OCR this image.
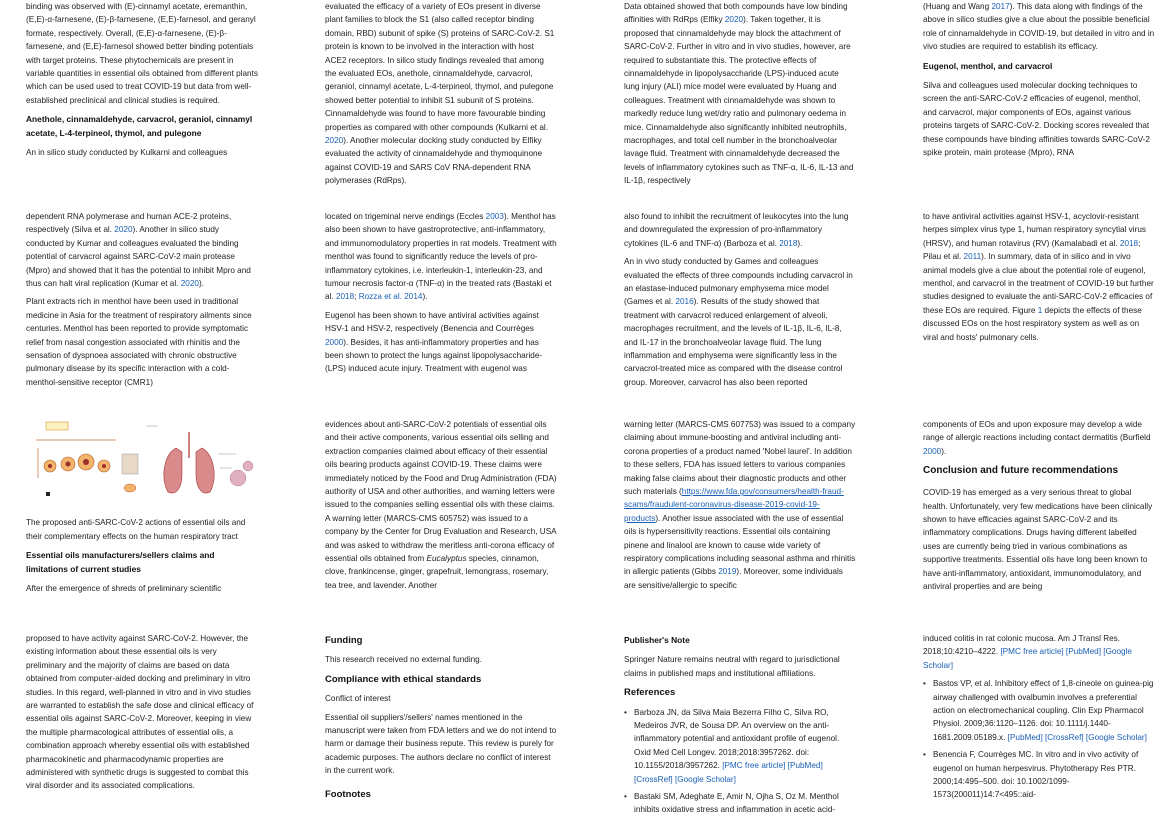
binding was observed with (E)-cinnamyl acetate, eremanthin, (E,E)-α-farnesene, (E)-β-farnesene, (E,E)-farnesol, and geranyl formate, respectively. Overall, (E,E)-α-farnesene, (E)-β-farnesene, and (E,E)-farnesol showed better binding potentials with target proteins. These phytochemicals are present in variable quantities in essential oils obtained from different plants which can be used used to treat COVID-19 but data from well-established preclinical and clinical studies is required.

Anethole, cinnamaldehyde, carvacrol, geraniol, cinnamyl acetate, L-4-terpineol, thymol, and pulegone

An in silico study conducted by Kulkarni and colleagues

evaluated the efficacy of a variety of EOs present in diverse plant families to block the S1 (also called receptor binding domain, RBD) subunit of spike (S) proteins of SARC-CoV-2. S1 protein is known to be involved in the interaction with host ACE2 receptors. In silico study findings revealed that among the evaluated EOs, anethole, cinnamaldehyde, carvacrol, geraniol, cinnamyl acetate, L-4-terpineol, thymol, and pulegone showed better potential to inhibit S1 subunit of S proteins. Cinnamaldehyde was found to have more favourable binding properties as compared with other compounds (Kulkarni et al. 2020). Another molecular docking study conducted by Elfiky evaluated the activity of cinnamaldehyde and thymoquinone against COVID-19 and SARS CoV RNA-dependent RNA polymerases (RdRps).

Data obtained showed that both compounds have low binding affinities with RdRps (Elfiky 2020). Taken together, it is proposed that cinnamaldehyde may block the attachment of SARC-CoV-2. Further in vitro and in vivo studies, however, are required to substantiate this. The protective effects of cinnamaldehyde in lipopolysaccharide (LPS)-induced acute lung injury (ALI) mice model were evaluated by Huang and colleagues. Treatment with cinnamaldehyde was shown to markedly reduce lung wet/dry ratio and pulmonary oedema in mice. Cinnamaldehyde also significantly inhibited neutrophils, macrophages, and total cell number in the bronchoalveolar lavage fluid. Treatment with cinnamaldehyde decreased the levels of inflammatory cytokines such as TNF-α, IL-6, IL-13 and IL-1β, respectively

(Huang and Wang 2017). This data along with findings of the above in silico studies give a clue about the possible beneficial role of cinnamaldehyde in COVID-19, but detailed in vitro and in vivo studies are required to establish its efficacy.

Eugenol, menthol, and carvacrol

Silva and colleagues used molecular docking techniques to screen the anti-SARC-CoV-2 efficacies of eugenol, menthol, and carvacrol, major components of EOs, against various proteins targets of SARC-CoV-2. Docking scores revealed that these compounds have binding affinities towards SARC-CoV-2 spike protein, main protease (Mpro), RNA

dependent RNA polymerase and human ACE-2 proteins, respectively (Silva et al. 2020). Another in silico study conducted by Kumar and colleagues evaluated the binding potential of carvacrol against SARC-CoV-2 main protease (Mpro) and showed that it has the potential to inhibit Mpro and thus can halt viral replication (Kumar et al. 2020).

Plant extracts rich in menthol have been used in traditional medicine in Asia for the treatment of respiratory ailments since centuries. Menthol has been reported to provide symptomatic relief from nasal congestion associated with rhinitis and the sensation of dyspnoea associated with chronic obstructive pulmonary disease by its specific interaction with a cold-menthol-sensitive receptor (CMR1)

located on trigeminal nerve endings (Eccles 2003). Menthol has also been shown to have gastroprotective, anti-inflammatory, and immunomodulatory properties in rat models. Treatment with menthol was found to significantly reduce the levels of pro-inflammatory cytokines, i.e. interleukin-1, interleukin-23, and tumour necrosis factor-α (TNF-α) in the treated rats (Bastaki et al. 2018; Rozza et al. 2014).

Eugenol has been shown to have antiviral activities against HSV-1 and HSV-2, respectively (Benencia and Courrèges 2000). Besides, it has anti-inflammatory properties and has been shown to protect the lungs against lipopolysaccharide-(LPS) induced acute injury. Treatment with eugenol was

also found to inhibit the recruitment of leukocytes into the lung and downregulated the expression of pro-inflammatory cytokines (IL-6 and TNF-α) (Barboza et al. 2018).

An in vivo study conducted by Games and colleagues evaluated the effects of three compounds including carvacrol in an elastase-induced pulmonary emphysema mice model (Games et al. 2016). Results of the study showed that treatment with carvacrol reduced enlargement of alveoli, macrophages recruitment, and the levels of IL-1β, IL-6, IL-8, and IL-17 in the bronchoalveolar lavage fluid. The lung inflammation and emphysema were significantly less in the carvacrol-treated mice as compared with the disease control group. Moreover, carvacrol has also been reported

to have antiviral activities against HSV-1, acyclovir-resistant herpes simplex virus type 1, human respiratory syncytial virus (HRSV), and human rotavirus (RV) (Kamalabadi et al. 2018; Pilau et al. 2011). In summary, data of in silico and in vivo animal models give a clue about the potential role of eugenol, menthol, and carvacrol in the treatment of COVID-19 but further studies designed to evaluate the anti-SARC-CoV-2 efficacies of these EOs are required. Figure 1 depicts the effects of these discussed EOs on the host respiratory system as well as on viral and hosts' pulmonary cells.

The proposed anti-SARC-CoV-2 actions of essential oils and their complementary effects on the human respiratory tract

Essential oils manufacturers/sellers claims and limitations of current studies

After the emergence of shreds of preliminary scientific

evidences about anti-SARC-CoV-2 potentials of essential oils and their active components, various essential oils selling and extraction companies claimed about efficacy of their essential oils bearing products against COVID-19. These claims were immediately noticed by the Food and Drug Administration (FDA) authority of USA and other authorities, and warning letters were issued to the companies selling essential oils with these claims. A warning letter (MARCS-CMS 605752) was issued to a company by the Center for Drug Evaluation and Research, USA and was asked to withdraw the meritless anti-corona efficacy of essential oils obtained from Eucalyptus species, cinnamon, clove, frankincense, ginger, grapefruit, lemongrass, rosemary, tea tree, and lavender. Another

warning letter (MARCS-CMS 607753) was issued to a company claiming about immune-boosting and antiviral including anti-corona properties of a product named 'Nobel laurel'. In addition to these sellers, FDA has issued letters to various companies making false claims about their diagnostic products and other such materials (https://www.fda.gov/consumers/health-fraud-scams/fraudulent-coronavirus-disease-2019-covid-19-products). Another issue associated with the use of essential oils is hypersensitivity reactions. Essential oils containing pinene and linalool are known to cause wide variety of respiratory complications including seasonal asthma and rhinitis in allergic patients (Gibbs 2019). Moreover, some individuals are sensitive/allergic to specific

components of EOs and upon exposure may develop a wide range of allergic reactions including contact dermatitis (Burfield 2000).

Conclusion and future recommendations

COVID-19 has emerged as a very serious threat to global health. Unfortunately, very few medications have been clinically shown to have efficacies against SARC-CoV-2 and its inflammatory complications. Drugs having different labelled uses are currently being tried in various combinations as supportive treatments. Essential oils have long been known to have anti-inflammatory, antioxidant, immunomodulatory, and antiviral properties and are being

proposed to have activity against SARC-CoV-2. However, the existing information about these essential oils is very preliminary and the majority of claims are based on data obtained from computer-aided docking and preliminary in vitro studies. In this regard, well-planned in vitro and in vivo studies are warranted to establish the safe dose and clinical efficacy of essential oils against SARC-CoV-2. Moreover, keeping in view the multiple pharmacological attributes of essential oils, a combination approach whereby essential oils with established pharmacokinetic and pharmacodynamic properties are administered with synthetic drugs is suggested to combat this viral disorder and its associated complications.

Funding

This research received no external funding.

Compliance with ethical standards

Conflict of interest

Essential oil suppliers'/sellers' names mentioned in the manuscript were taken from FDA letters and we do not intend to harm or damage their business repute. This review is purely for academic purposes. The authors declare no conflict of interest in the current work.

Footnotes
Publisher's Note

Springer Nature remains neutral with regard to jurisdictional claims in published maps and institutional affiliations.

References
• Barboza JN, da Silva Maia Bezerra Filho C, Silva RO, Medeiros JVR, de Sousa DP. An overview on the anti-inflammatory potential and antioxidant profile of eugenol. Oxid Med Cell Longev. 2018;2018:3957262. doi: 10.1155/2018/3957262. [PMC free article] [PubMed] [CrossRef] [Google Scholar]
• Bastaki SM, Adeghate E, Amir N, Ojha S, Oz M. Menthol inhibits oxidative stress and inflammation in acetic acid-

induced colitis in rat colonic mucosa. Am J Transl Res. 2018;10:4210–4222. [PMC free article] [PubMed] [Google Scholar]

• Bastos VP, et al. Inhibitory effect of 1,8-cineole on guinea-pig airway challenged with ovalbumin involves a preferential action on electromechanical coupling. Clin Exp Pharmacol Physiol. 2009;36:1120–1126. doi: 10.1111/j.1440-1681.2009.05189.x. [PubMed] [CrossRef] [Google Scholar]
• Benencia F, Courrèges MC. In vitro and in vivo activity of eugenol on human herpesvirus. Phytotherapy Res PTR. 2000;14:495–500. doi: 10.1002/1099-1573(200011)14:7<495::aid-
